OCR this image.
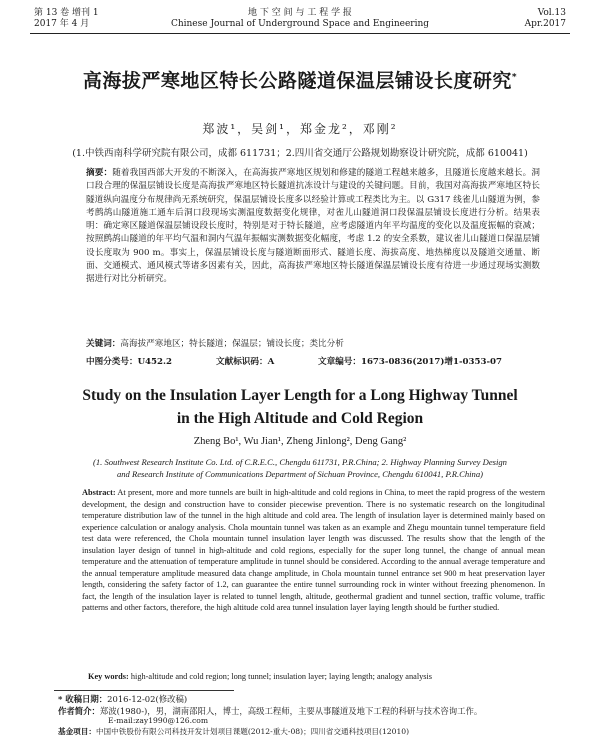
第 13 卷 增刊 1
2017 年 4 月
地 下 空 间 与 工 程 学 报
Chinese Journal of Underground Space and Engineering
Vol.13
Apr.2017
高海拔严寒地区特长公路隧道保温层铺设长度研究*
郑波¹，吴剑¹，郑金龙²，邓刚²
(1.中铁西南科学研究院有限公司，成都 611731；2.四川省交通厅公路规划勘察设计研究院，成都 610041)
摘要：随着我国西部大开发的不断深入，在高海拔严寒地区规划和修建的隧道工程越来越多，且隧道长度越来越长。洞口段合理的保温层铺设长度是高海拔严寒地区特长隧道抗冻设计与建设的关键问题。目前，我国对高海拔严寒地区特长隧道纵向温度分布规律尚无系统研究，保温层铺设长度多以经验计算或工程类比为主。以 G317 线雀儿山隧道为例，参考鹧鸪山隧道施工通车后洞口段现场实测温度数据变化规律，对雀儿山隧道洞口段保温层铺设长度进行分析。结果表明：确定寒区隧道保温层铺设段长度时，特别是对于特长隧道，应考虑隧道内年平均温度的变化以及温度振幅的衰减；按照鹧鸪山隧道的年平均气温和洞内气温年振幅实测数据变化幅度，考虑 1.2 的安全系数，建议雀儿山隧道口保温层铺设长度取为 900 m。事实上，保温层铺设长度与隧道断面形式、隧道长度、海拔高度、地热梯度以及隧道交通量、断面、交通模式、通风模式等诸多因素有关，因此，高海拔严寒地区特长隧道保温层铺设长度有待进一步通过现场实测数据进行对比分析研究。
关键词：高海拔严寒地区；特长隧道；保温层；铺设长度；类比分析
中图分类号：U452.2	文献标识码：A	文章编号：1673-0836(2017)增1-0353-07
Study on the Insulation Layer Length for a Long Highway Tunnel
in the High Altitude and Cold Region
Zheng Bo¹, Wu Jian¹, Zheng Jinlong², Deng Gang²
(1. Southwest Research Institute Co. Ltd. of C.R.E.C., Chengdu 611731, P.R.China; 2. Highway Planning Survey Design
and Research Institute of Communications Department of Sichuan Province, Chengdu 610041, P.R.China)
Abstract: At present, more and more tunnels are built in high-altitude and cold regions in China, to meet the rapid progress of the western development, the design and construction have to consider piecewise prevention. There is no systematic research on the longitudinal temperature distribution law of the tunnel in the high altitude and cold area. The length of insulation layer is determined mainly based on experience calculation or analogy analysis. Chola mountain tunnel was taken as an example and Zhegu mountain tunnel temperature field test data were referenced, the Chola mountain tunnel insulation layer length was discussed. The results show that the length of the insulation layer design of tunnel in high-altitude and cold regions, especially for the super long tunnel, the change of annual mean temperature and the attenuation of temperature amplitude in tunnel should be considered. According to the annual average temperature and the annual temperature amplitude measured data change amplitude, in Chola mountain tunnel entrance set 900 m heat preservation layer length, considering the safety factor of 1.2, can guarantee the entire tunnel surrounding rock in winter without freezing phenomenon. In fact, the length of the insulation layer is related to tunnel length, altitude, geothermal gradient and tunnel section, traffic volume, traffic patterns and other factors, therefore, the high altitude cold area tunnel insulation layer laying length should be further studied.
Key words: high-altitude and cold region; long tunnel; insulation layer; laying length; analogy analysis
* 收稿日期：2016-12-02(修改稿)
作者简介：郑波(1980-)，男，湖南邵阳人，博士，高级工程师，主要从事隧道及地下工程的科研与技术咨询工作。
E-mail:zay1990@126.com
基金项目：中国中铁股份有限公司科技开发计划项目课题(2012-重大-08)；四川省交通科技项目(12010)
